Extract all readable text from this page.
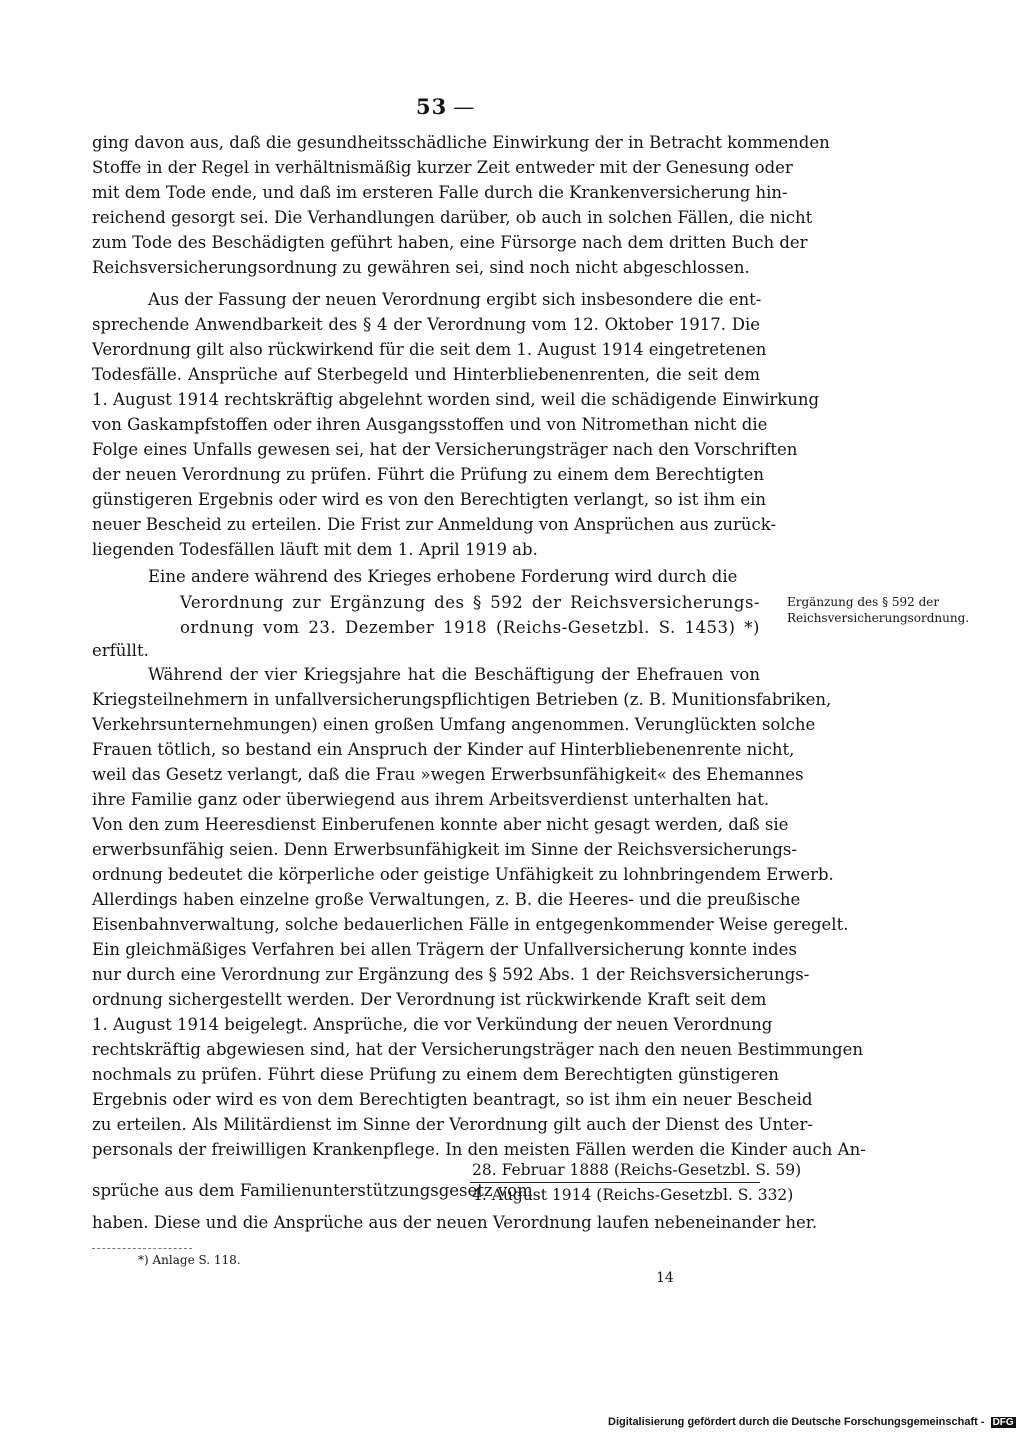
53 —
ging davon aus, daß die gesundheitsschädliche Einwirkung der in Betracht kommenden
Stoffe in der Regel in verhältnismäßig kurzer Zeit entweder mit der Genesung oder
mit dem Tode ende, und daß im ersteren Falle durch die Krankenversicherung hin-
reichend gesorgt sei. Die Verhandlungen darüber, ob auch in solchen Fällen, die nicht
zum Tode des Beschädigten geführt haben, eine Fürsorge nach dem dritten Buch der
Reichsversicherungsordnung zu gewähren sei, sind noch nicht abgeschlossen.
Aus der Fassung der neuen Verordnung ergibt sich insbesondere die ent-
sprechende Anwendbarkeit des § 4 der Verordnung vom 12. Oktober 1917. Die
Verordnung gilt also rückwirkend für die seit dem 1. August 1914 eingetretenen
Todesfälle. Ansprüche auf Sterbegeld und Hinterbliebenenrenten, die seit dem
1. August 1914 rechtskräftig abgelehnt worden sind, weil die schädigende Einwirkung
von Gaskampfstoffen oder ihren Ausgangsstoffen und von Nitromethan nicht die
Folge eines Unfalls gewesen sei, hat der Versicherungsträger nach den Vorschriften
der neuen Verordnung zu prüfen. Führt die Prüfung zu einem dem Berechtigten
günstigeren Ergebnis oder wird es von den Berechtigten verlangt, so ist ihm ein
neuer Bescheid zu erteilen. Die Frist zur Anmeldung von Ansprüchen aus zurück-
liegenden Todesfällen läuft mit dem 1. April 1919 ab.
Eine andere während des Krieges erhobene Forderung wird durch die
Verordnung zur Ergänzung des § 592 der Reichsversicherungs-
ordnung vom 23. Dezember 1918 (Reichs-Gesetzbl. S. 1453) *)
erfüllt.
Während der vier Kriegsjahre hat die Beschäftigung der Ehefrauen von
Kriegsteilnehmern in unfallversicherungspflichtigen Betrieben (z. B. Munitionsfabriken,
Verkehrsunternehmungen) einen großen Umfang angenommen. Verunglückten solche
Frauen tötlich, so bestand ein Anspruch der Kinder auf Hinterbliebenenrente nicht,
weil das Gesetz verlangt, daß die Frau »wegen Erwerbsunfähigkeit« des Ehemannes
ihre Familie ganz oder überwiegend aus ihrem Arbeitsverdienst unterhalten hat.
Von den zum Heeresdienst Einberufenen konnte aber nicht gesagt werden, daß sie
erwerbsunfähig seien. Denn Erwerbsunfähigkeit im Sinne der Reichsversicherungs-
ordnung bedeutet die körperliche oder geistige Unfähigkeit zu lohnbringendem Erwerb.
Allerdings haben einzelne große Verwaltungen, z. B. die Heeres- und die preußische
Eisenbahnverwaltung, solche bedauerlichen Fälle in entgegenkommender Weise geregelt.
Ein gleichmäßiges Verfahren bei allen Trägern der Unfallversicherung konnte indes
nur durch eine Verordnung zur Ergänzung des § 592 Abs. 1 der Reichsversicherungs-
ordnung sichergestellt werden. Der Verordnung ist rückwirkende Kraft seit dem
1. August 1914 beigelegt. Ansprüche, die vor Verkündung der neuen Verordnung
rechtskräftig abgewiesen sind, hat der Versicherungsträger nach den neuen Bestimmungen
nochmals zu prüfen. Führt diese Prüfung zu einem dem Berechtigten günstigeren
Ergebnis oder wird es von dem Berechtigten beantragt, so ist ihm ein neuer Bescheid
zu erteilen. Als Militärdienst im Sinne der Verordnung gilt auch der Dienst des Unter-
personals der freiwilligen Krankenpflege. In den meisten Fällen werden die Kinder auch An-
sprüche aus dem Familienunterstützungsgesetz vom
28. Februar 1888 (Reichs-Gesetzbl. S. 59)
4. August 1914 (Reichs-Gesetzbl. S. 332)
haben. Diese und die Ansprüche aus der neuen Verordnung laufen nebeneinander her.
Ergänzung des § 592 der
Reichsversicherungsordnung.
*) Anlage S. 118.
14
Digitalisierung gefördert durch die Deutsche Forschungsgemeinschaft - DFG
